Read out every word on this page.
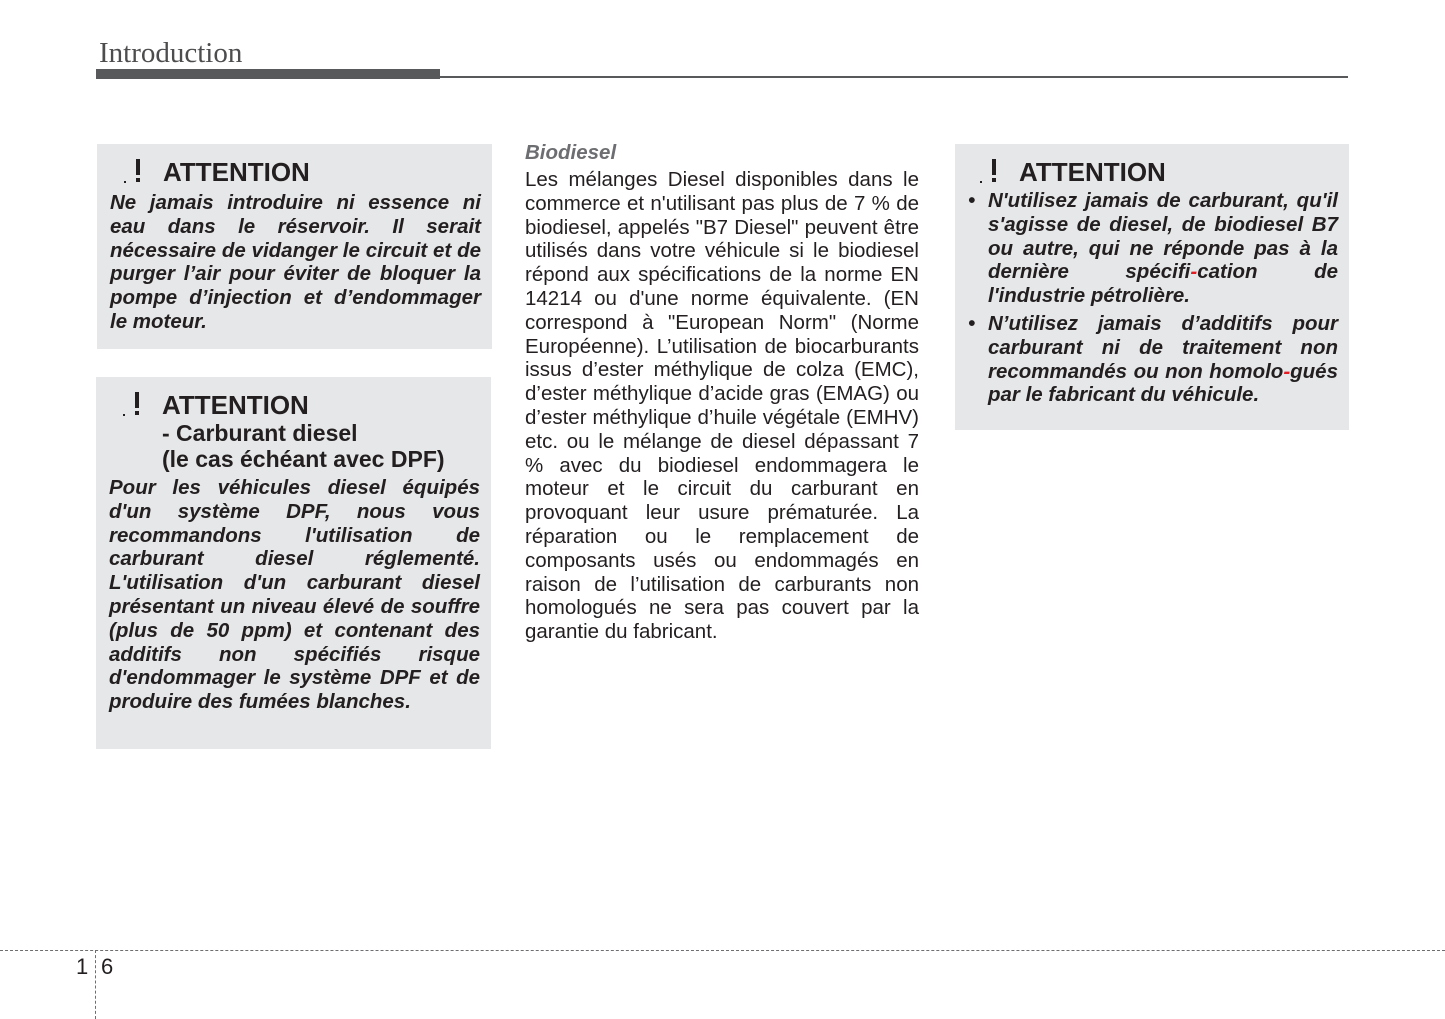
Introduction
ATTENTION
Ne jamais introduire ni essence ni eau dans le réservoir. Il serait nécessaire de vidanger le circuit et de purger l’air pour éviter de bloquer la pompe d’injection et d’endommager le moteur.
ATTENTION
- Carburant diesel
(le cas échéant avec DPF)
Pour les véhicules diesel équipés d'un système DPF, nous vous recommandons l'utilisation de carburant diesel réglementé. L'utilisation d'un carburant diesel présentant un niveau élevé de souffre (plus de 50 ppm) et contenant des additifs non spécifiés risque d'endommager le système DPF et de produire des fumées blanches.
Biodiesel
Les mélanges Diesel disponibles dans le commerce et n'utilisant pas plus de 7 % de biodiesel, appelés "B7 Diesel" peuvent être utilisés dans votre véhicule si le biodiesel répond aux spécifications de la norme EN 14214 ou d'une norme équivalente. (EN correspond à "European Norm" (Norme Européenne). L’utilisation de biocarburants issus d’ester méthylique de colza (EMC), d’ester méthylique d’acide gras (EMAG) ou d’ester méthylique d’huile végétale (EMHV) etc. ou le mélange de diesel dépassant 7 % avec du biodiesel endommagera le moteur et le circuit du carburant en provoquant leur usure prématurée. La réparation ou le remplacement de composants usés ou endommagés en raison de l’utilisation de carburants non homologués ne sera pas couvert par la garantie du fabricant.
ATTENTION
• N'utilisez jamais de carburant, qu'il s'agisse de diesel, de biodiesel B7 ou autre, qui ne réponde pas à la dernière spécifi-cation de l'industrie pétrolière.
• N’utilisez jamais d’additifs pour carburant ni de traitement non recommandés ou non homolo-gués par le fabricant du véhicule.
1 6
